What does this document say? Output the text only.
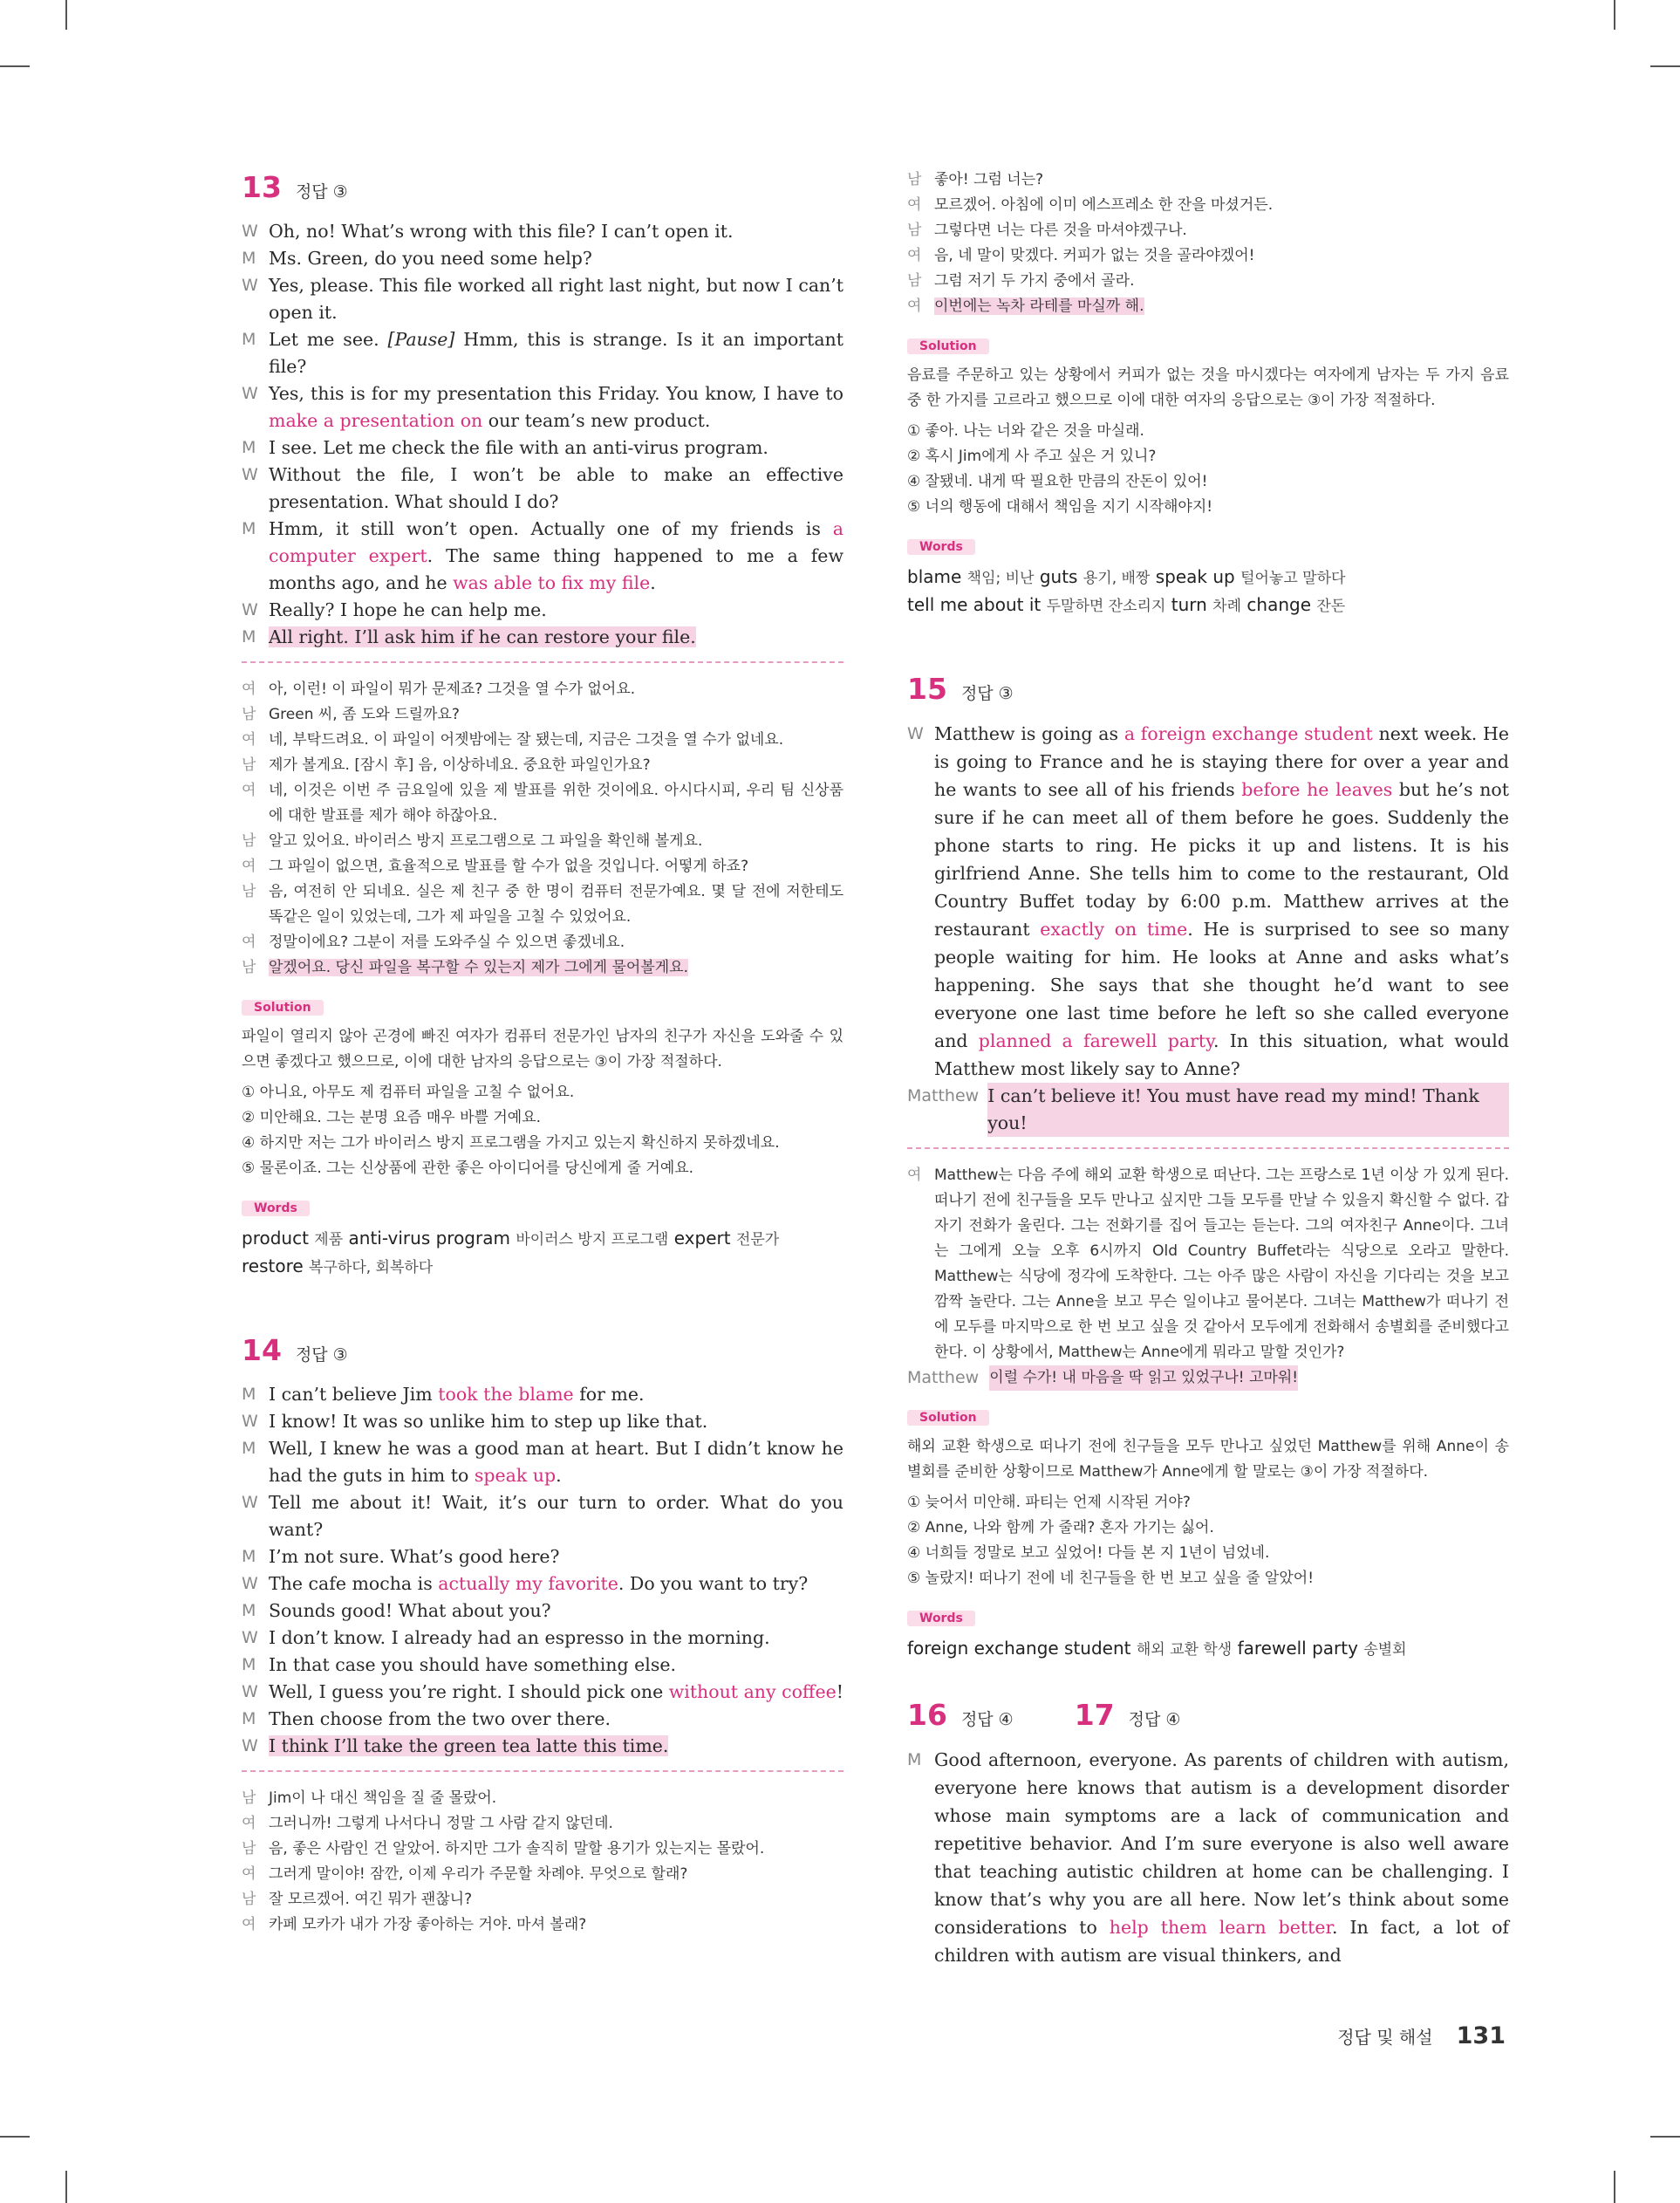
13 정답 ③
W Oh, no! What’s wrong with this file? I can’t open it.
M Ms. Green, do you need some help?
W Yes, please. This file worked all right last night, but now I can’t open it.
M Let me see. [Pause] Hmm, this is strange. Is it an important file?
W Yes, this is for my presentation this Friday. You know, I have to make a presentation on our team’s new product.
M I see. Let me check the file with an anti-virus program.
W Without the file, I won’t be able to make an effective presentation. What should I do?
M Hmm, it still won’t open. Actually one of my friends is a computer expert. The same thing happened to me a few months ago, and he was able to fix my file.
W Really? I hope he can help me.
M All right. I’ll ask him if he can restore your file.
여 아, 이런! 이 파일이 뭐가 문제죠? 그것을 열 수가 없어요.
남 Green 씨, 좀 도와 드릴까요?
여 네, 부탁드려요. 이 파일이 어젯밤에는 잘 됐는데, 지금은 그것을 열 수가 없네요.
남 제가 볼게요. [잠시 후] 음, 이상하네요. 중요한 파일인가요?
여 네, 이것은 이번 주 금요일에 있을 제 발표를 위한 것이에요. 아시다시피, 우리 팀 신상품에 대한 발표를 제가 해야 하잖아요.
남 알고 있어요. 바이러스 방지 프로그램으로 그 파일을 확인해 볼게요.
여 그 파일이 없으면, 효율적으로 발표를 할 수가 없을 것입니다. 어떻게 하죠?
남 음, 여전히 안 되네요. 실은 제 친구 중 한 명이 컴퓨터 전문가예요. 몇 달 전에 저한테도 똑같은 일이 있었는데, 그가 제 파일을 고칠 수 있었어요.
여 정말이에요? 그분이 저를 도와주실 수 있으면 좋겠네요.
남 알겠어요. 당신 파일을 복구할 수 있는지 제가 그에게 물어볼게요.
Solution
파일이 열리지 않아 곤경에 빠진 여자가 컴퓨터 전문가인 남자의 친구가 자신을 도와줄 수 있으면 좋겠다고 했으므로, 이에 대한 남자의 응답으로는 ③이 가장 적절하다.
① 아니요, 아무도 제 컴퓨터 파일을 고칠 수 없어요.
② 미안해요. 그는 분명 요즘 매우 바쁠 거예요.
④ 하지만 저는 그가 바이러스 방지 프로그램을 가지고 있는지 확신하지 못하겠네요.
⑤ 물론이죠. 그는 신상품에 관한 좋은 아이디어를 당신에게 줄 거예요.
Words
product 제품 anti-virus program 바이러스 방지 프로그램 expert 전문가
restore 복구하다, 회복하다
14 정답 ③
M I can’t believe Jim took the blame for me.
W I know! It was so unlike him to step up like that.
M Well, I knew he was a good man at heart. But I didn’t know he had the guts in him to speak up.
W Tell me about it! Wait, it’s our turn to order. What do you want?
M I’m not sure. What’s good here?
W The cafe mocha is actually my favorite. Do you want to try?
M Sounds good! What about you?
W I don’t know. I already had an espresso in the morning.
M In that case you should have something else.
W Well, I guess you’re right. I should pick one without any coffee!
M Then choose from the two over there.
W I think I’ll take the green tea latte this time.
남 Jim이 나 대신 책임을 질 줄 몰랐어.
여 그러니까! 그렇게 나서다니 정말 그 사람 같지 않던데.
남 음, 좋은 사람인 건 알았어. 하지만 그가 솔직히 말할 용기가 있는지는 몰랐어.
여 그러게 말이야! 잠깐, 이제 우리가 주문할 차례야. 무엇으로 할래?
남 잘 모르겠어. 여긴 뭐가 괜찮니?
여 카페 모카가 내가 가장 좋아하는 거야. 마셔 볼래?
남 좋아! 그럼 너는?
여 모르겠어. 아침에 이미 에스프레소 한 잔을 마셨거든.
남 그렇다면 너는 다른 것을 마셔야겠구나.
여 음, 네 말이 맞겠다. 커피가 없는 것을 골라야겠어!
남 그럼 저기 두 가지 중에서 골라.
여 이번에는 녹차 라테를 마실까 해.
Solution
음료를 주문하고 있는 상황에서 커피가 없는 것을 마시겠다는 여자에게 남자는 두 가지 음료 중 한 가지를 고르라고 했으므로 이에 대한 여자의 응답으로는 ③이 가장 적절하다.
① 좋아. 나는 너와 같은 것을 마실래.
② 혹시 Jim에게 사 주고 싶은 거 있니?
④ 잘됐네. 내게 딱 필요한 만큼의 잔돈이 있어!
⑤ 너의 행동에 대해서 책임을 지기 시작해야지!
Words
blame 책임; 비난 guts 용기, 배짱 speak up 털어놓고 말하다
tell me about it 두말하면 잔소리지 turn 차례 change 잔돈
15 정답 ③
W Matthew is going as a foreign exchange student next week. He is going to France and he is staying there for over a year and he wants to see all of his friends before he leaves but he’s not sure if he can meet all of them before he goes. Suddenly the phone starts to ring. He picks it up and listens. It is his girlfriend Anne. She tells him to come to the restaurant, Old Country Buffet today by 6:00 p.m. Matthew arrives at the restaurant exactly on time. He is surprised to see so many people waiting for him. He looks at Anne and asks what’s happening. She says that she thought he’d want to see everyone one last time before he left so she called everyone and planned a farewell party. In this situation, what would Matthew most likely say to Anne?
Matthew I can’t believe it! You must have read my mind! Thank you!
여 Matthew는 다음 주에 해외 교환 학생으로 떠난다. 그는 프랑스로 1년 이상 가 있게 된다. 떠나기 전에 친구들을 모두 만나고 싶지만 그들 모두를 만날 수 있을지 확신할 수 없다. 갑자기 전화가 울린다. 그는 전화기를 집어 들고는 듣는다. 그의 여자친구 Anne이다. 그녀는 그에게 오늘 오후 6시까지 Old Country Buffet라는 식당으로 오라고 말한다. Matthew는 식당에 정각에 도착한다. 그는 아주 많은 사람이 자신을 기다리는 것을 보고 깜짝 놀란다. 그는 Anne을 보고 무슨 일이냐고 물어본다. 그녀는 Matthew가 떠나기 전에 모두를 마지막으로 한 번 보고 싶을 것 같아서 모두에게 전화해서 송별회를 준비했다고 한다. 이 상황에서, Matthew는 Anne에게 뭐라고 말할 것인가?
Matthew 이럴 수가! 내 마음을 딱 읽고 있었구나! 고마워!
Solution
해외 교환 학생으로 떠나기 전에 친구들을 모두 만나고 싶었던 Matthew를 위해 Anne이 송별회를 준비한 상황이므로 Matthew가 Anne에게 할 말로는 ③이 가장 적절하다.
① 늦어서 미안해. 파티는 언제 시작된 거야?
② Anne, 나와 함께 가 줄래? 혼자 가기는 싫어.
④ 너희들 정말로 보고 싶었어! 다들 본 지 1년이 넘었네.
⑤ 놀랐지! 떠나기 전에 네 친구들을 한 번 보고 싶을 줄 알았어!
Words
foreign exchange student 해외 교환 학생 farewell party 송별회
16 정답 ④ 17 정답 ④
M Good afternoon, everyone. As parents of children with autism, everyone here knows that autism is a development disorder whose main symptoms are a lack of communication and repetitive behavior. And I’m sure everyone is also well aware that teaching autistic children at home can be challenging. I know that’s why you are all here. Now let’s think about some considerations to help them learn better. In fact, a lot of children with autism are visual thinkers, and
정답 및 해설 131
